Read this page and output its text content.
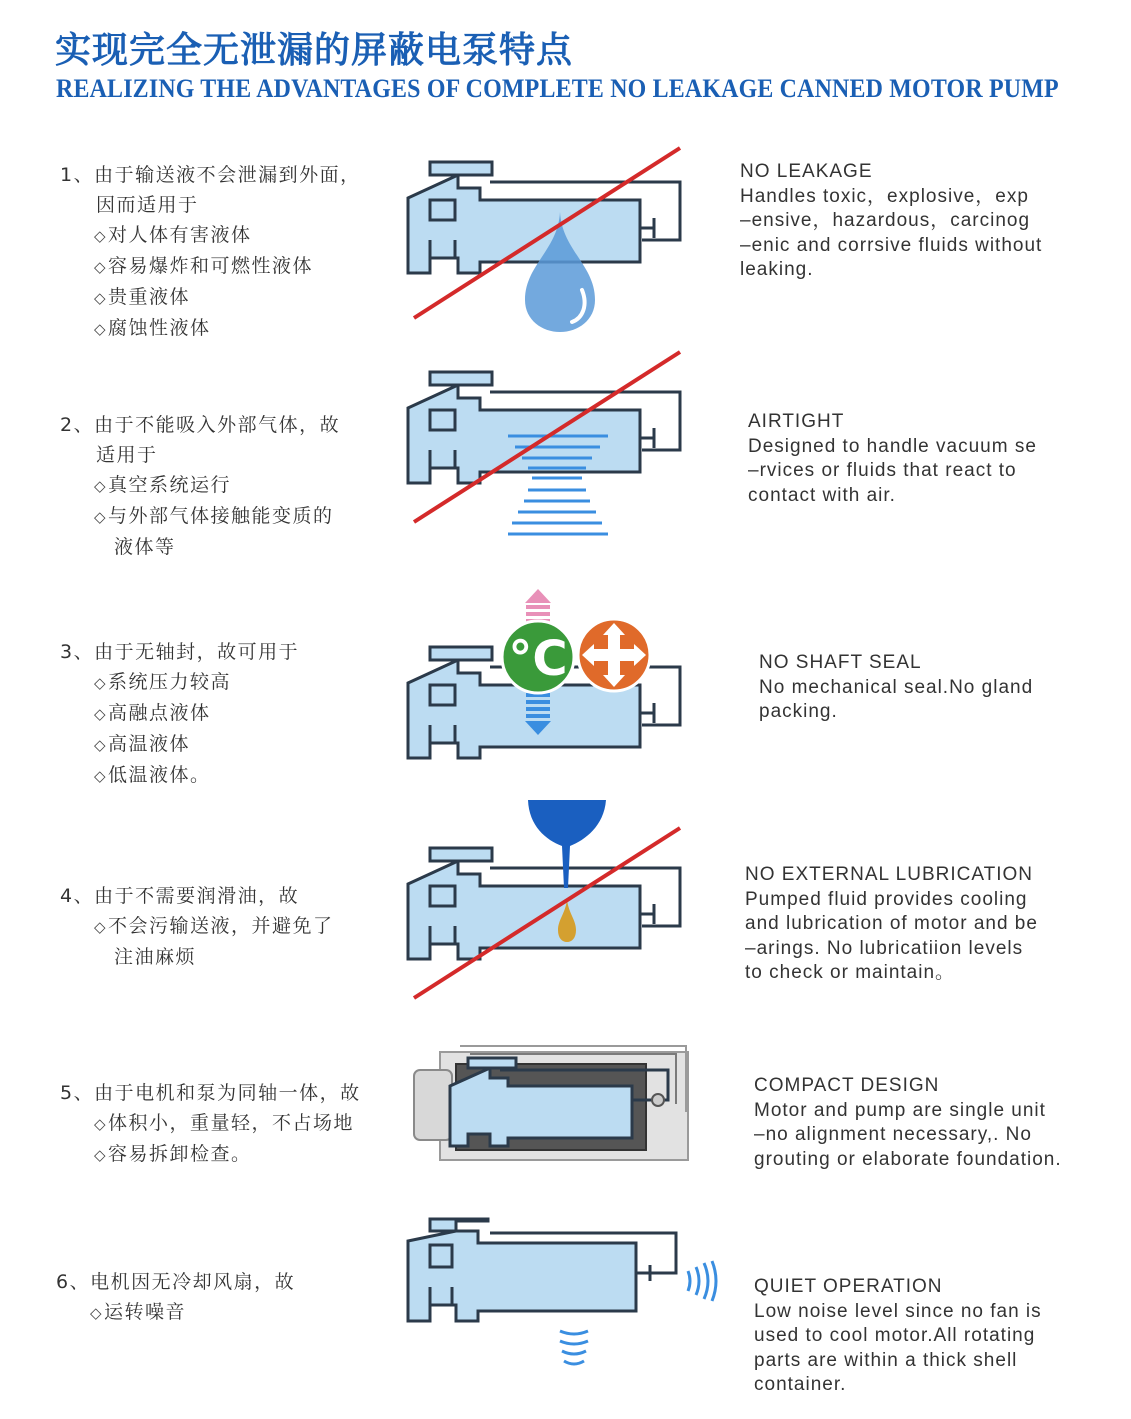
实现完全无泄漏的屏蔽电泵特点
REALIZING THE ADVANTAGES OF COMPLETE NO LEAKAGE CANNED MOTOR PUMP
1、由于输送液不会泄漏到外面，
因而适用于
◇ 对人体有害液体
◇ 容易爆炸和可燃性液体
◇ 贵重液体
◇ 腐蚀性液体
NO LEAKAGE
Handles toxic，explosive，exp
–ensive，hazardous，carcinog
–enic and corrsive fluids without
leaking.
2、由于不能吸入外部气体，故
适用于
◇ 真空系统运行
◇ 与外部气体接触能变质的
液体等
AIRTIGHT
Designed to handle vacuum se
–rvices or fluids that react to
contact with air.
3、由于无轴封，故可用于
◇ 系统压力较高
◇ 高融点液体
◇ 高温液体
◇ 低温液体。
°C	NO SHAFT SEAL
No mechanical seal.No gland
packing.
4、由于不需要润滑油，故
◇ 不会污输送液，并避免了
注油麻烦
NO EXTERNAL LUBRICATION
Pumped fluid provides cooling
and lubrication of motor and be
–arings. No lubricatiion levels
to check or maintain。
5、由于电机和泵为同轴一体，故
◇ 体积小，重量轻，不占场地
◇ 容易拆卸检查。
COMPACT DESIGN
Motor and pump are single unit
–no alignment necessary,. No
grouting or elaborate foundation.
6、电机因无冷却风扇，故
◇ 运转噪音
QUIET OPERATION
Low noise level since no fan is
used to cool motor.All rotating
parts are within a thick shell
container.
